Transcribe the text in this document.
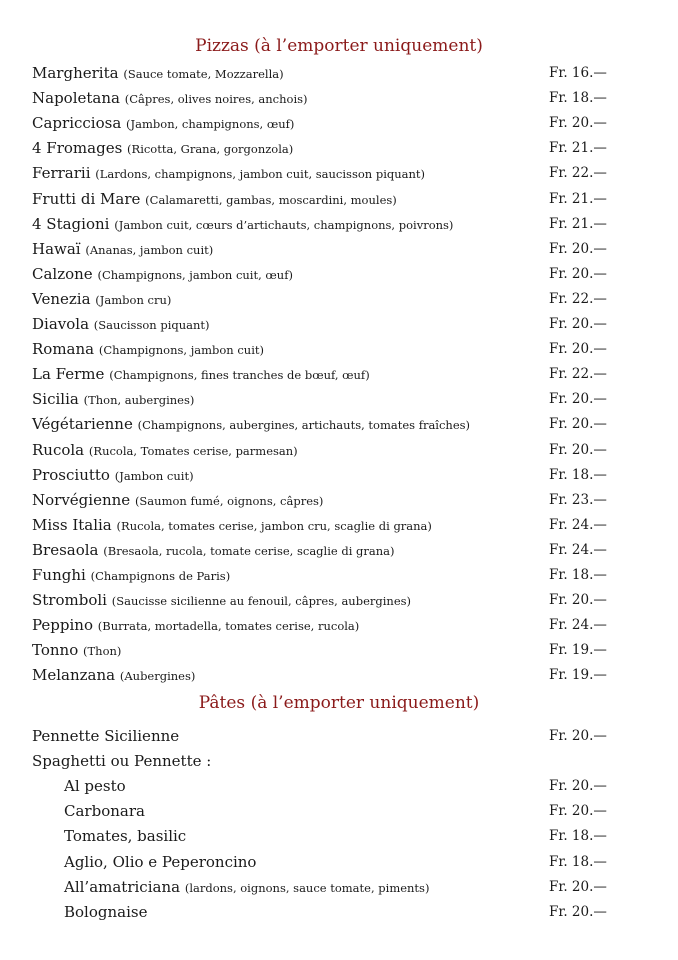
Pizzas (à l’emporter uniquement)
Margherita (Sauce tomate, Mozzarella)	Fr. 16.—
Napoletana (Câpres, olives noires, anchois)	Fr. 18.—
Capricciosa (Jambon, champignons, œuf)	Fr. 20.—
4 Fromages (Ricotta, Grana, gorgonzola)	Fr. 21.—
Ferrarii (Lardons, champignons, jambon cuit, saucisson piquant)	Fr. 22.—
Frutti di Mare (Calamaretti, gambas, moscardini, moules)	Fr. 21.—
4 Stagioni (Jambon cuit, cœurs d’artichauts, champignons, poivrons)	Fr. 21.—
Hawaï (Ananas, jambon cuit)	Fr. 20.—
Calzone (Champignons, jambon cuit, œuf)	Fr. 20.—
Venezia (Jambon cru)	Fr. 22.—
Diavola (Saucisson piquant)	Fr. 20.—
Romana (Champignons, jambon cuit)	Fr. 20.—
La Ferme (Champignons, fines tranches de bœuf, œuf)	Fr. 22.—
Sicilia (Thon, aubergines)	Fr. 20.—
Végétarienne (Champignons, aubergines, artichauts, tomates fraîches)	Fr. 20.—
Rucola (Rucola, Tomates cerise, parmesan)	Fr. 20.—
Prosciutto (Jambon cuit)	Fr. 18.—
Norvégienne (Saumon fumé, oignons, câpres)	Fr. 23.—
Miss Italia (Rucola, tomates cerise, jambon cru, scaglie di grana)	Fr. 24.—
Bresaola (Bresaola, rucola, tomate cerise, scaglie di grana)	Fr. 24.—
Funghi (Champignons de Paris)	Fr. 18.—
Stromboli (Saucisse sicilienne au fenouil, câpres, aubergines)	Fr. 20.—
Peppino (Burrata, mortadella, tomates cerise, rucola)	Fr. 24.—
Tonno (Thon)	Fr. 19.—
Melanzana (Aubergines)	Fr. 19.—
Pâtes (à l’emporter uniquement)
Pennette Sicilienne	Fr. 20.—
Spaghetti ou Pennette :
Al pesto	Fr. 20.—
Carbonara	Fr. 20.—
Tomates, basilic	Fr. 18.—
Aglio, Olio e Peperoncino	Fr. 18.—
All’amatriciana (lardons, oignons, sauce tomate, piments)	Fr. 20.—
Bolognaise	Fr. 20.—
